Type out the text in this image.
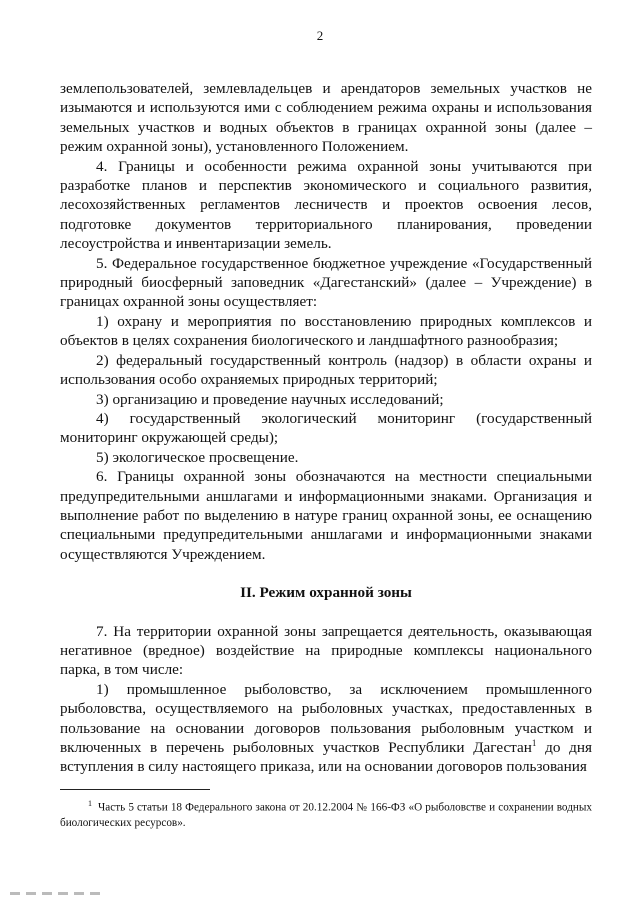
2

землепользователей, землевладельцев и арендаторов земельных участков не изымаются и используются ими с соблюдением режима охраны и использования земельных участков и водных объектов в границах охранной зоны (далее – режим охранной зоны), установленного Положением.

4. Границы и особенности режима охранной зоны учитываются при разработке планов и перспектив экономического и социального развития, лесохозяйственных регламентов лесничеств и проектов освоения лесов, подготовке документов территориального планирования, проведении лесоустройства и инвентаризации земель.

5. Федеральное государственное бюджетное учреждение «Государственный природный биосферный заповедник «Дагестанский» (далее – Учреждение) в границах охранной зоны осуществляет:

1) охрану и мероприятия по восстановлению природных комплексов и объектов в целях сохранения биологического и ландшафтного разнообразия;

2) федеральный государственный контроль (надзор) в области охраны и использования особо охраняемых природных территорий;

3) организацию и проведение научных исследований;

4) государственный экологический мониторинг (государственный мониторинг окружающей среды);

5) экологическое просвещение.

6. Границы охранной зоны обозначаются на местности специальными предупредительными аншлагами и информационными знаками. Организация и выполнение работ по выделению в натуре границ охранной зоны, ее оснащению специальными предупредительными аншлагами и информационными знаками осуществляются Учреждением.

II. Режим охранной зоны

7. На территории охранной зоны запрещается деятельность, оказывающая негативное (вредное) воздействие на природные комплексы национального парка, в том числе:

1) промышленное рыболовство, за исключением промышленного рыболовства, осуществляемого на рыболовных участках, предоставленных в пользование на основании договоров пользования рыболовным участком и включенных в перечень рыболовных участков Республики Дагестан$^1$ до дня вступления в силу настоящего приказа, или на основании договоров пользования

$^1$ Часть 5 статьи 18 Федерального закона от 20.12.2004 № 166-ФЗ «О рыболовстве и сохранении водных биологических ресурсов».
